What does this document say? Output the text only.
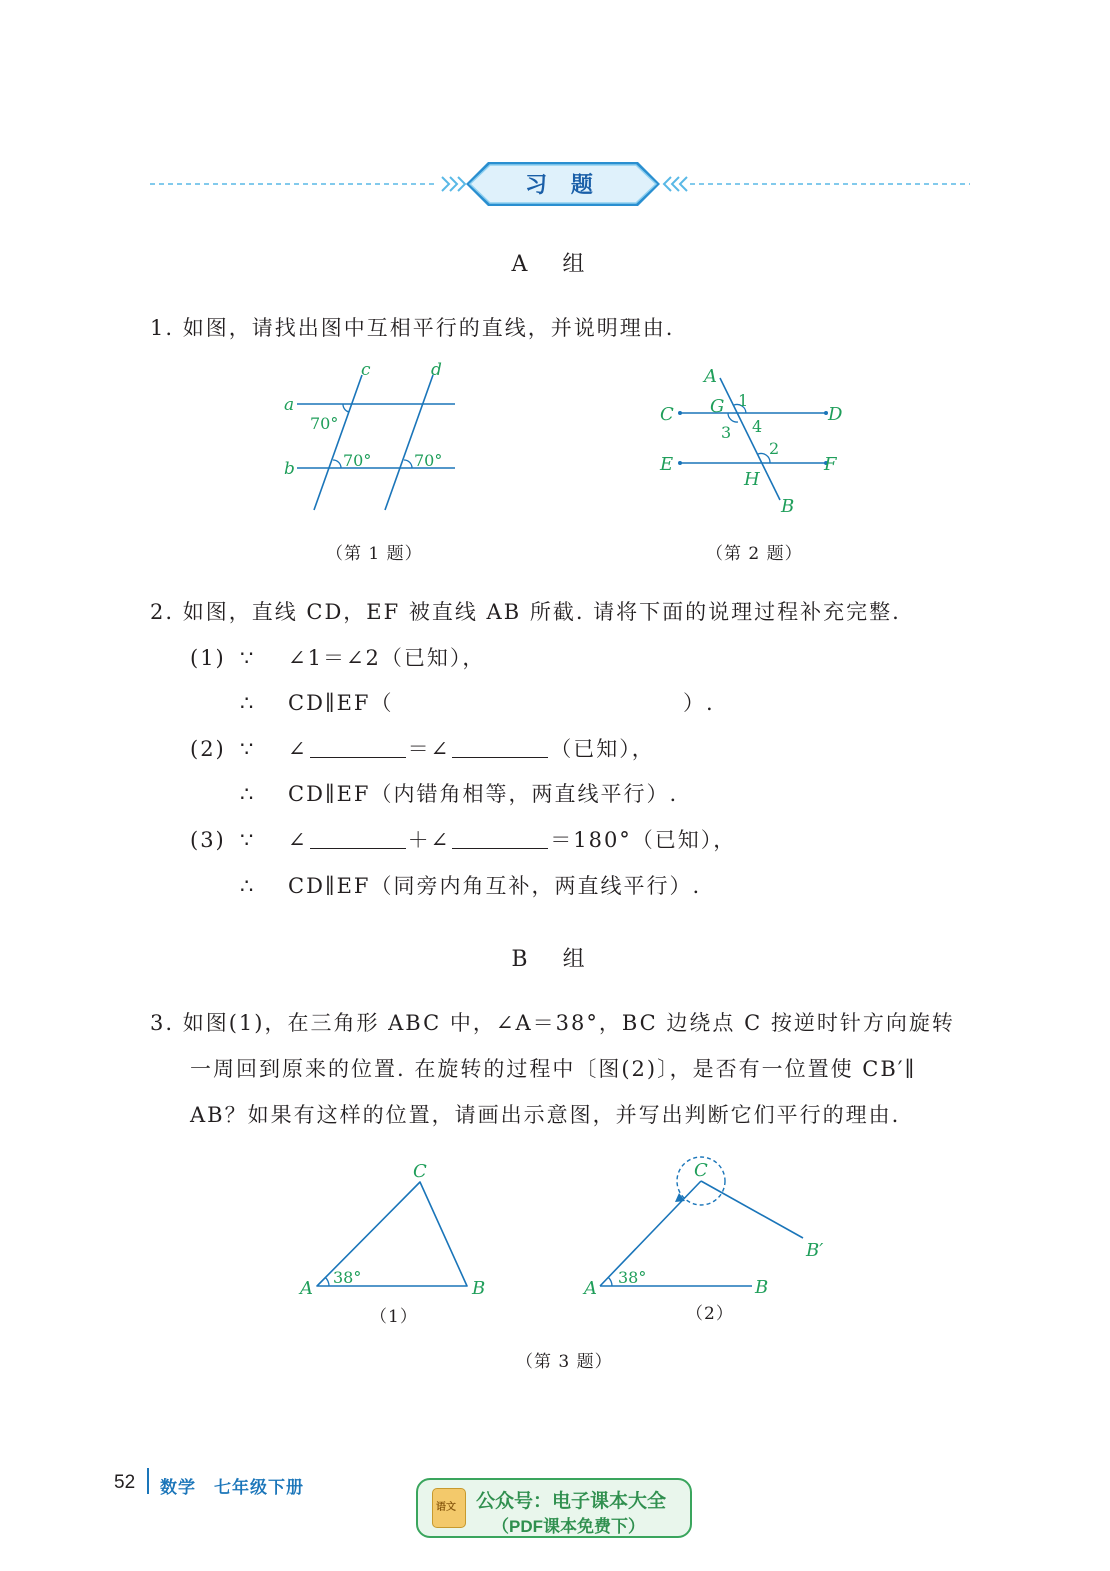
习 题
A 组
1. 如图，请找出图中互相平行的直线，并说明理由.
a
b
c	d
70°
70°	70°
（第 1 题）
A
B
C	D
E	F
G
H
1
2
3 4
（第 2 题）
2. 如图，直线 CD，EF 被直线 AB 所截. 请将下面的说理过程补充完整.
(1) ∵ ∠1＝∠2（已知），
∴ CD∥EF（	）.
(2) ∵ ∠	＝∠	（已知），
∴ CD∥EF（内错角相等，两直线平行）.
(3) ∵ ∠	＋∠	＝180°（已知），
∴ CD∥EF（同旁内角互补，两直线平行）.
B 组
3. 如图(1)，在三角形 ABC 中，∠A＝38°，BC 边绕点 C 按逆时针方向旋转
一周回到原来的位置. 在旋转的过程中〔图(2)〕，是否有一位置使 CB′∥
AB？如果有这样的位置，请画出示意图，并写出判断它们平行的理由.
A	B
C
38°
（1）
A	B
C
B′
38°
（2）
（第 3 题）
52 数学　七年级下册
语文 公众号：电子课本大全
（PDF课本免费下）
